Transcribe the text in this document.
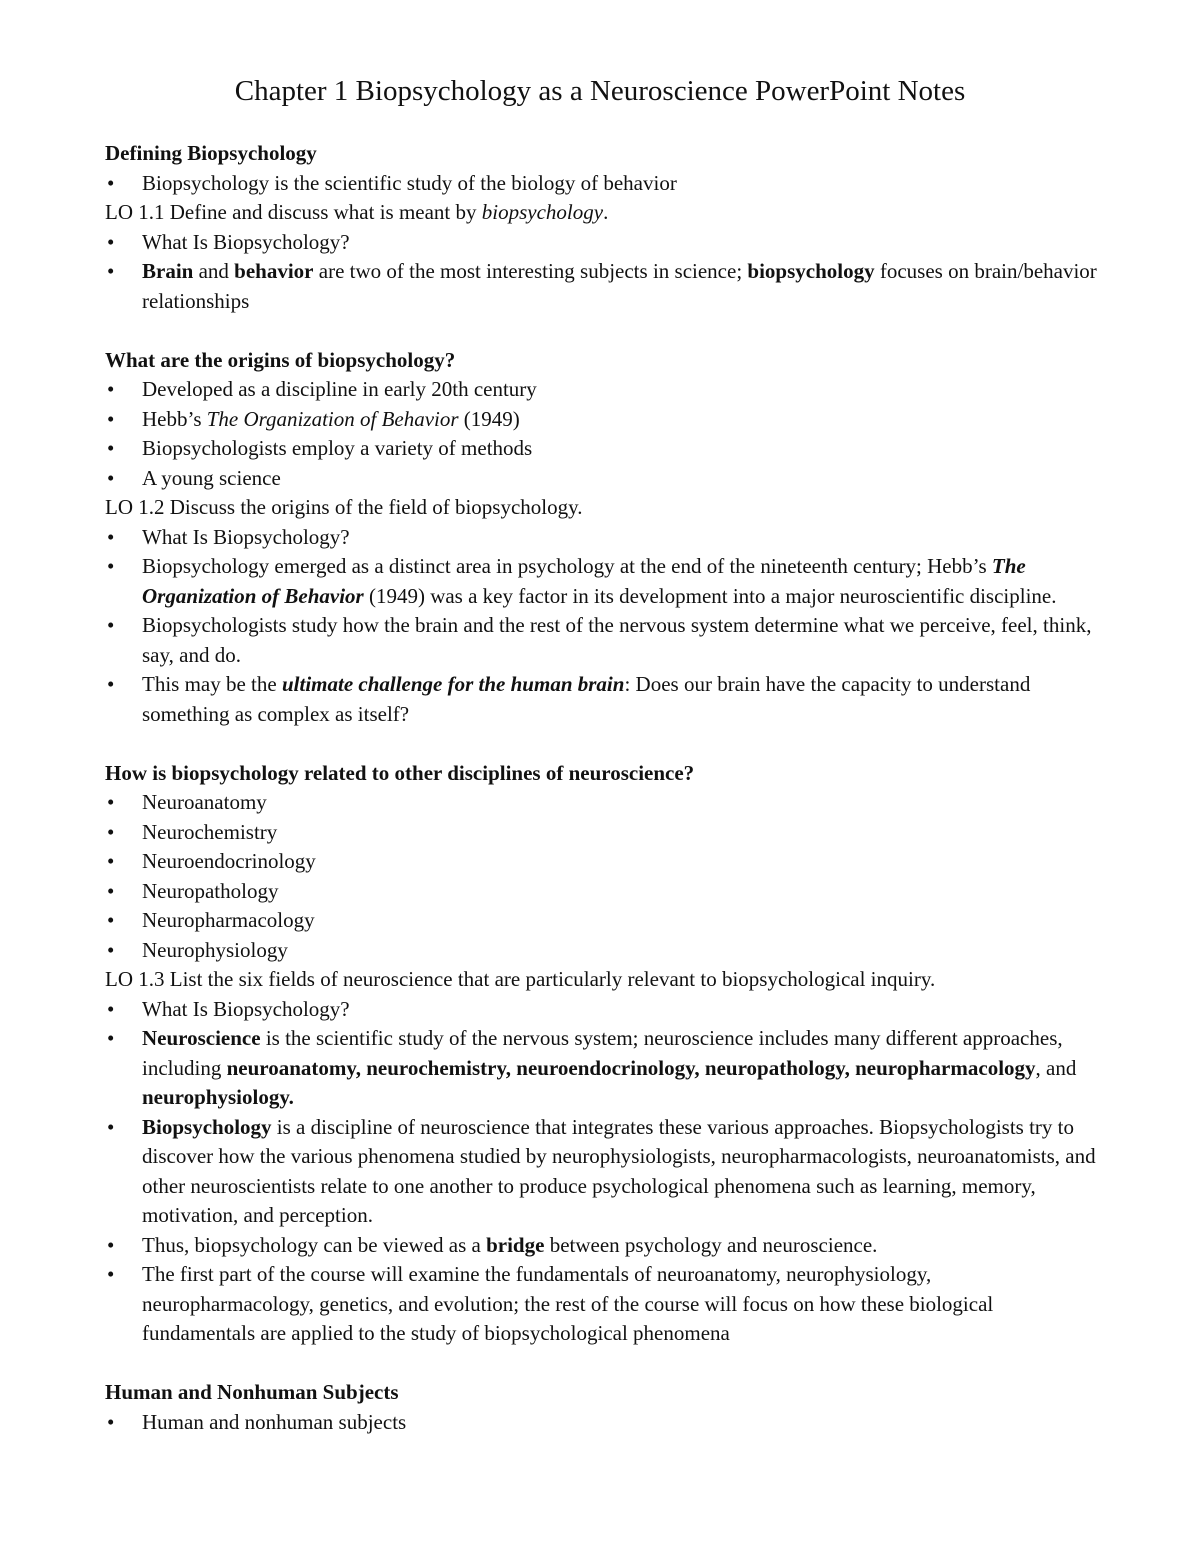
Chapter 1 Biopsychology as a Neuroscience PowerPoint Notes

Defining Biopsychology

• Biopsychology is the scientific study of the biology of behavior

LO 1.1 Define and discuss what is meant by biopsychology.

• What Is Biopsychology?

• Brain and behavior are two of the most interesting subjects in science; biopsychology focuses on brain/behavior relationships

What are the origins of biopsychology?

• Developed as a discipline in early 20th century

• Hebb’s The Organization of Behavior (1949)

• Biopsychologists employ a variety of methods

• A young science

LO 1.2 Discuss the origins of the field of biopsychology.

• What Is Biopsychology?

• Biopsychology emerged as a distinct area in psychology at the end of the nineteenth century; Hebb’s The Organization of Behavior (1949) was a key factor in its development into a major neuroscientific discipline.

• Biopsychologists study how the brain and the rest of the nervous system determine what we perceive, feel, think, say, and do.

• This may be the ultimate challenge for the human brain: Does our brain have the capacity to understand something as complex as itself?

How is biopsychology related to other disciplines of neuroscience?

• Neuroanatomy

• Neurochemistry

• Neuroendocrinology

• Neuropathology

• Neuropharmacology

• Neurophysiology

LO 1.3 List the six fields of neuroscience that are particularly relevant to biopsychological inquiry.

• What Is Biopsychology?

• Neuroscience is the scientific study of the nervous system; neuroscience includes many different approaches, including neuroanatomy, neurochemistry, neuroendocrinology, neuropathology, neuropharmacology, and neurophysiology.

• Biopsychology is a discipline of neuroscience that integrates these various approaches. Biopsychologists try to discover how the various phenomena studied by neurophysiologists, neuropharmacologists, neuroanatomists, and other neuroscientists relate to one another to produce psychological phenomena such as learning, memory, motivation, and perception.

• Thus, biopsychology can be viewed as a bridge between psychology and neuroscience.

• The first part of the course will examine the fundamentals of neuroanatomy, neurophysiology, neuropharmacology, genetics, and evolution; the rest of the course will focus on how these biological fundamentals are applied to the study of biopsychological phenomena

Human and Nonhuman Subjects

• Human and nonhuman subjects
